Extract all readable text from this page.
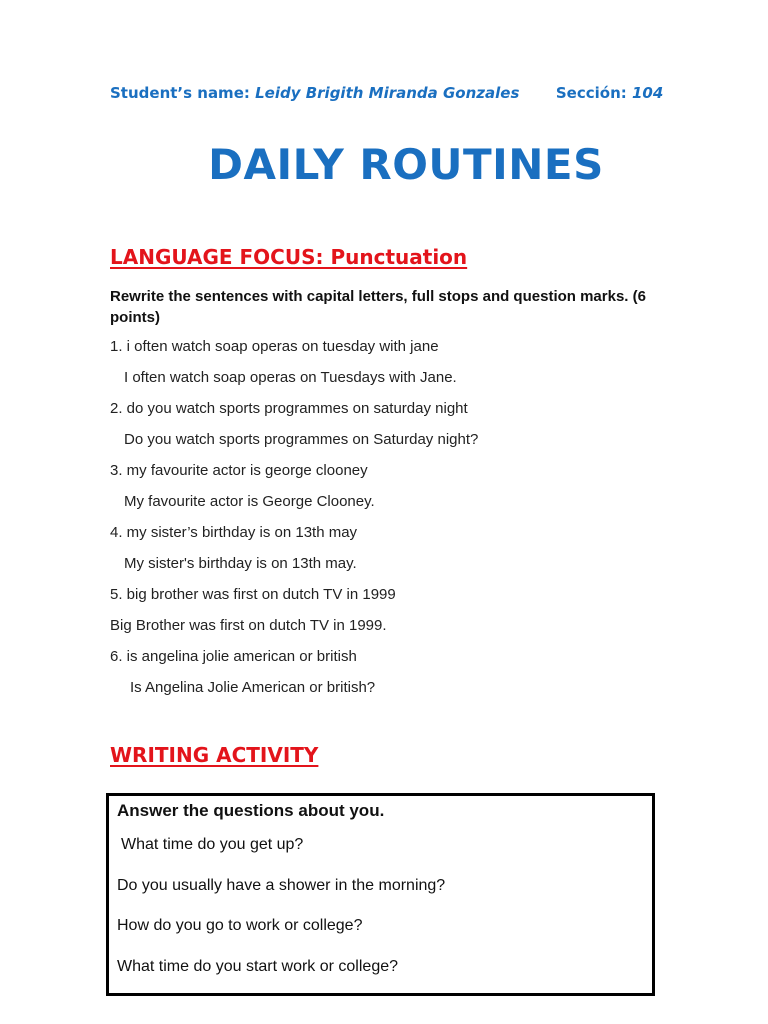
Student’s name: Leidy Brigith Miranda Gonzales Sección: 104
DAILY ROUTINES
LANGUAGE FOCUS: Punctuation
Rewrite the sentences with capital letters, full stops and question marks. (6 points)
1. i often watch soap operas on tuesday with jane
I often watch soap operas on Tuesdays with Jane.
2. do you watch sports programmes on saturday night
Do you watch sports programmes on Saturday night?
3. my favourite actor is george clooney
My favourite actor is George Clooney.
4. my sister’s birthday is on 13th may
My sister's birthday is on 13th may.
5. big brother was first on dutch TV in 1999
Big Brother was first on dutch TV in 1999.
6. is angelina jolie american or british
Is Angelina Jolie American or british?
WRITING ACTIVITY
Answer the questions about you.
What time do you get up?
Do you usually have a shower in the morning?
How do you go to work or college?
What time do you start work or college?
